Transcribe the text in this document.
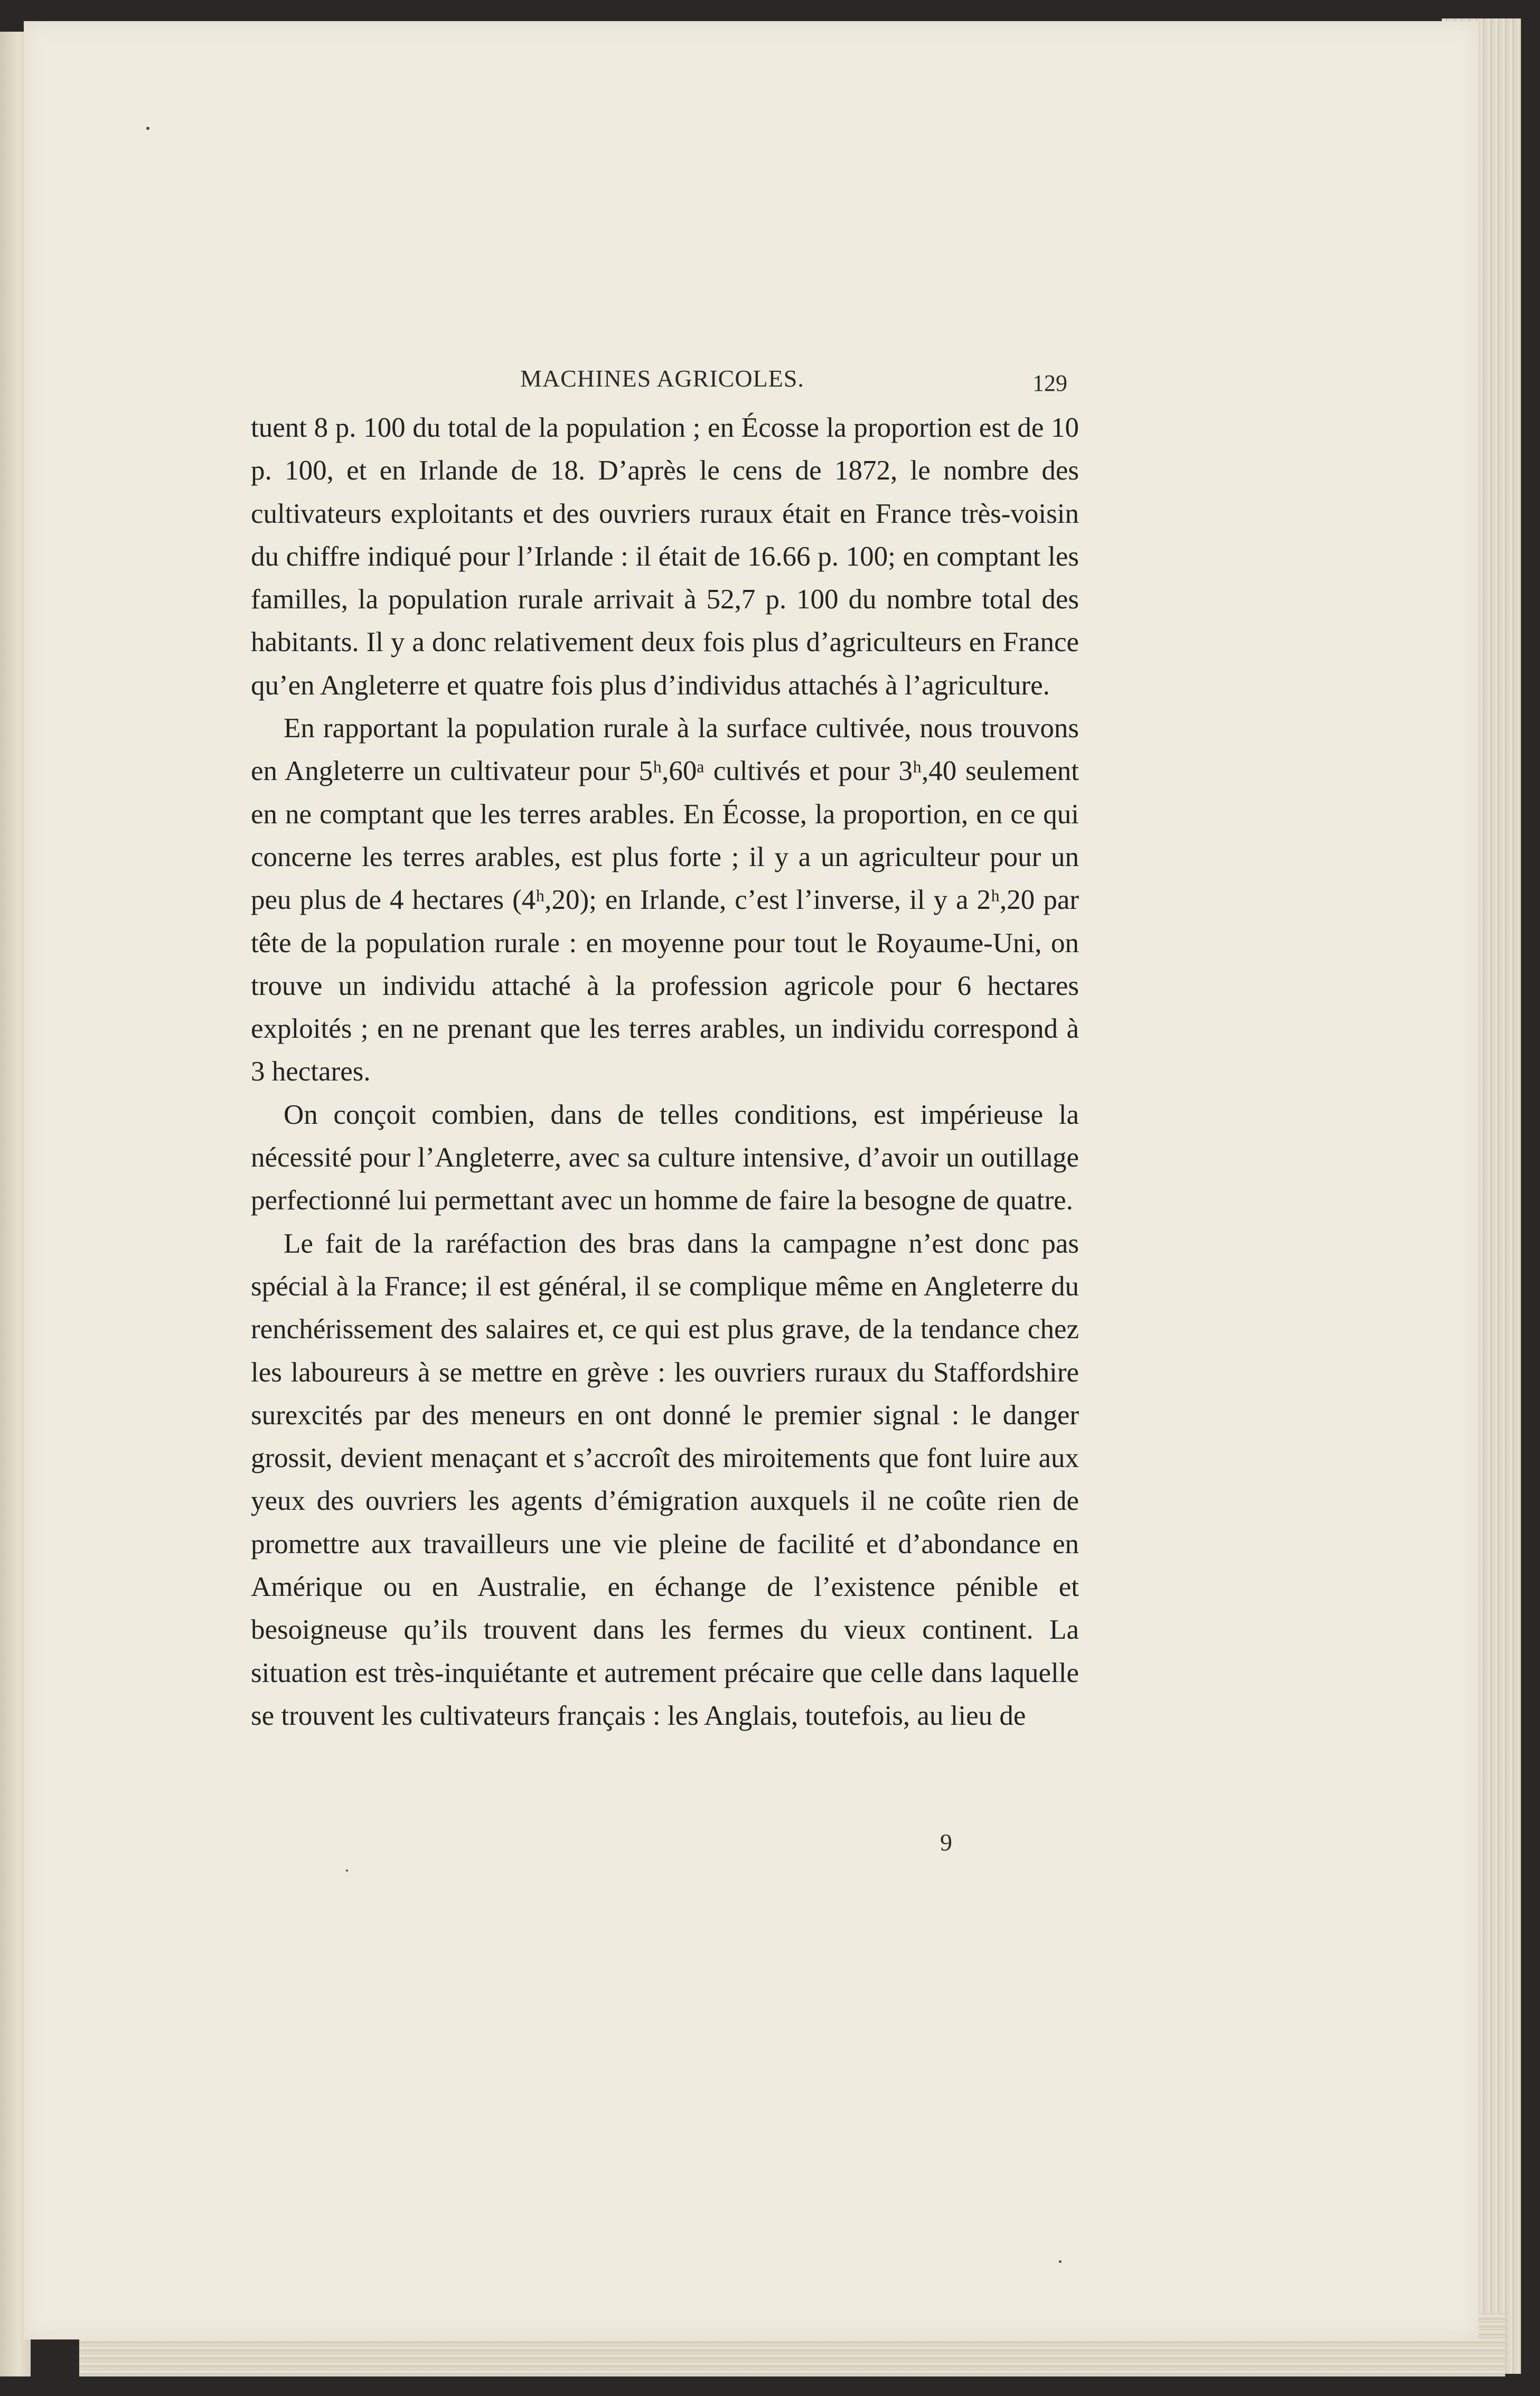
MACHINES AGRICOLES.	129

tuent 8 p. 100 du total de la population ; en Écosse la proportion est de 10 p. 100, et en Irlande de 18. D’après le cens de 1872, le nombre des cultivateurs exploitants et des ouvriers ruraux était en France très-voisin du chiffre indiqué pour l’Irlande : il était de 16.66 p. 100; en comptant les familles, la population rurale arrivait à 52,7 p. 100 du nombre total des habitants. Il y a donc relativement deux fois plus d’agriculteurs en France qu’en Angleterre et quatre fois plus d’individus attachés à l’agriculture.

En rapportant la population rurale à la surface cultivée, nous trouvons en Angleterre un cultivateur pour 5ʰ,60ᵃ cultivés et pour 3ʰ,40 seulement en ne comptant que les terres arables. En Écosse, la proportion, en ce qui concerne les terres arables, est plus forte ; il y a un agriculteur pour un peu plus de 4 hectares (4ʰ,20); en Irlande, c’est l’inverse, il y a 2ʰ,20 par tête de la population rurale : en moyenne pour tout le Royaume-Uni, on trouve un individu attaché à la profession agricole pour 6 hectares exploités ; en ne prenant que les terres arables, un individu correspond à 3 hectares.

On conçoit combien, dans de telles conditions, est impérieuse la nécessité pour l’Angleterre, avec sa culture intensive, d’avoir un outillage perfectionné lui permettant avec un homme de faire la besogne de quatre.

Le fait de la raréfaction des bras dans la campagne n’est donc pas spécial à la France; il est général, il se complique même en Angleterre du renchérissement des salaires et, ce qui est plus grave, de la tendance chez les laboureurs à se mettre en grève : les ouvriers ruraux du Staffordshire surexcités par des meneurs en ont donné le premier signal : le danger grossit, devient menaçant et s’accroît des miroitements que font luire aux yeux des ouvriers les agents d’émigration auxquels il ne coûte rien de promettre aux travailleurs une vie pleine de facilité et d’abondance en Amérique ou en Australie, en échange de l’existence pénible et besoigneuse qu’ils trouvent dans les fermes du vieux continent. La situation est très-inquiétante et autrement précaire que celle dans laquelle se trouvent les cultivateurs français : les Anglais, toutefois, au lieu de

9
